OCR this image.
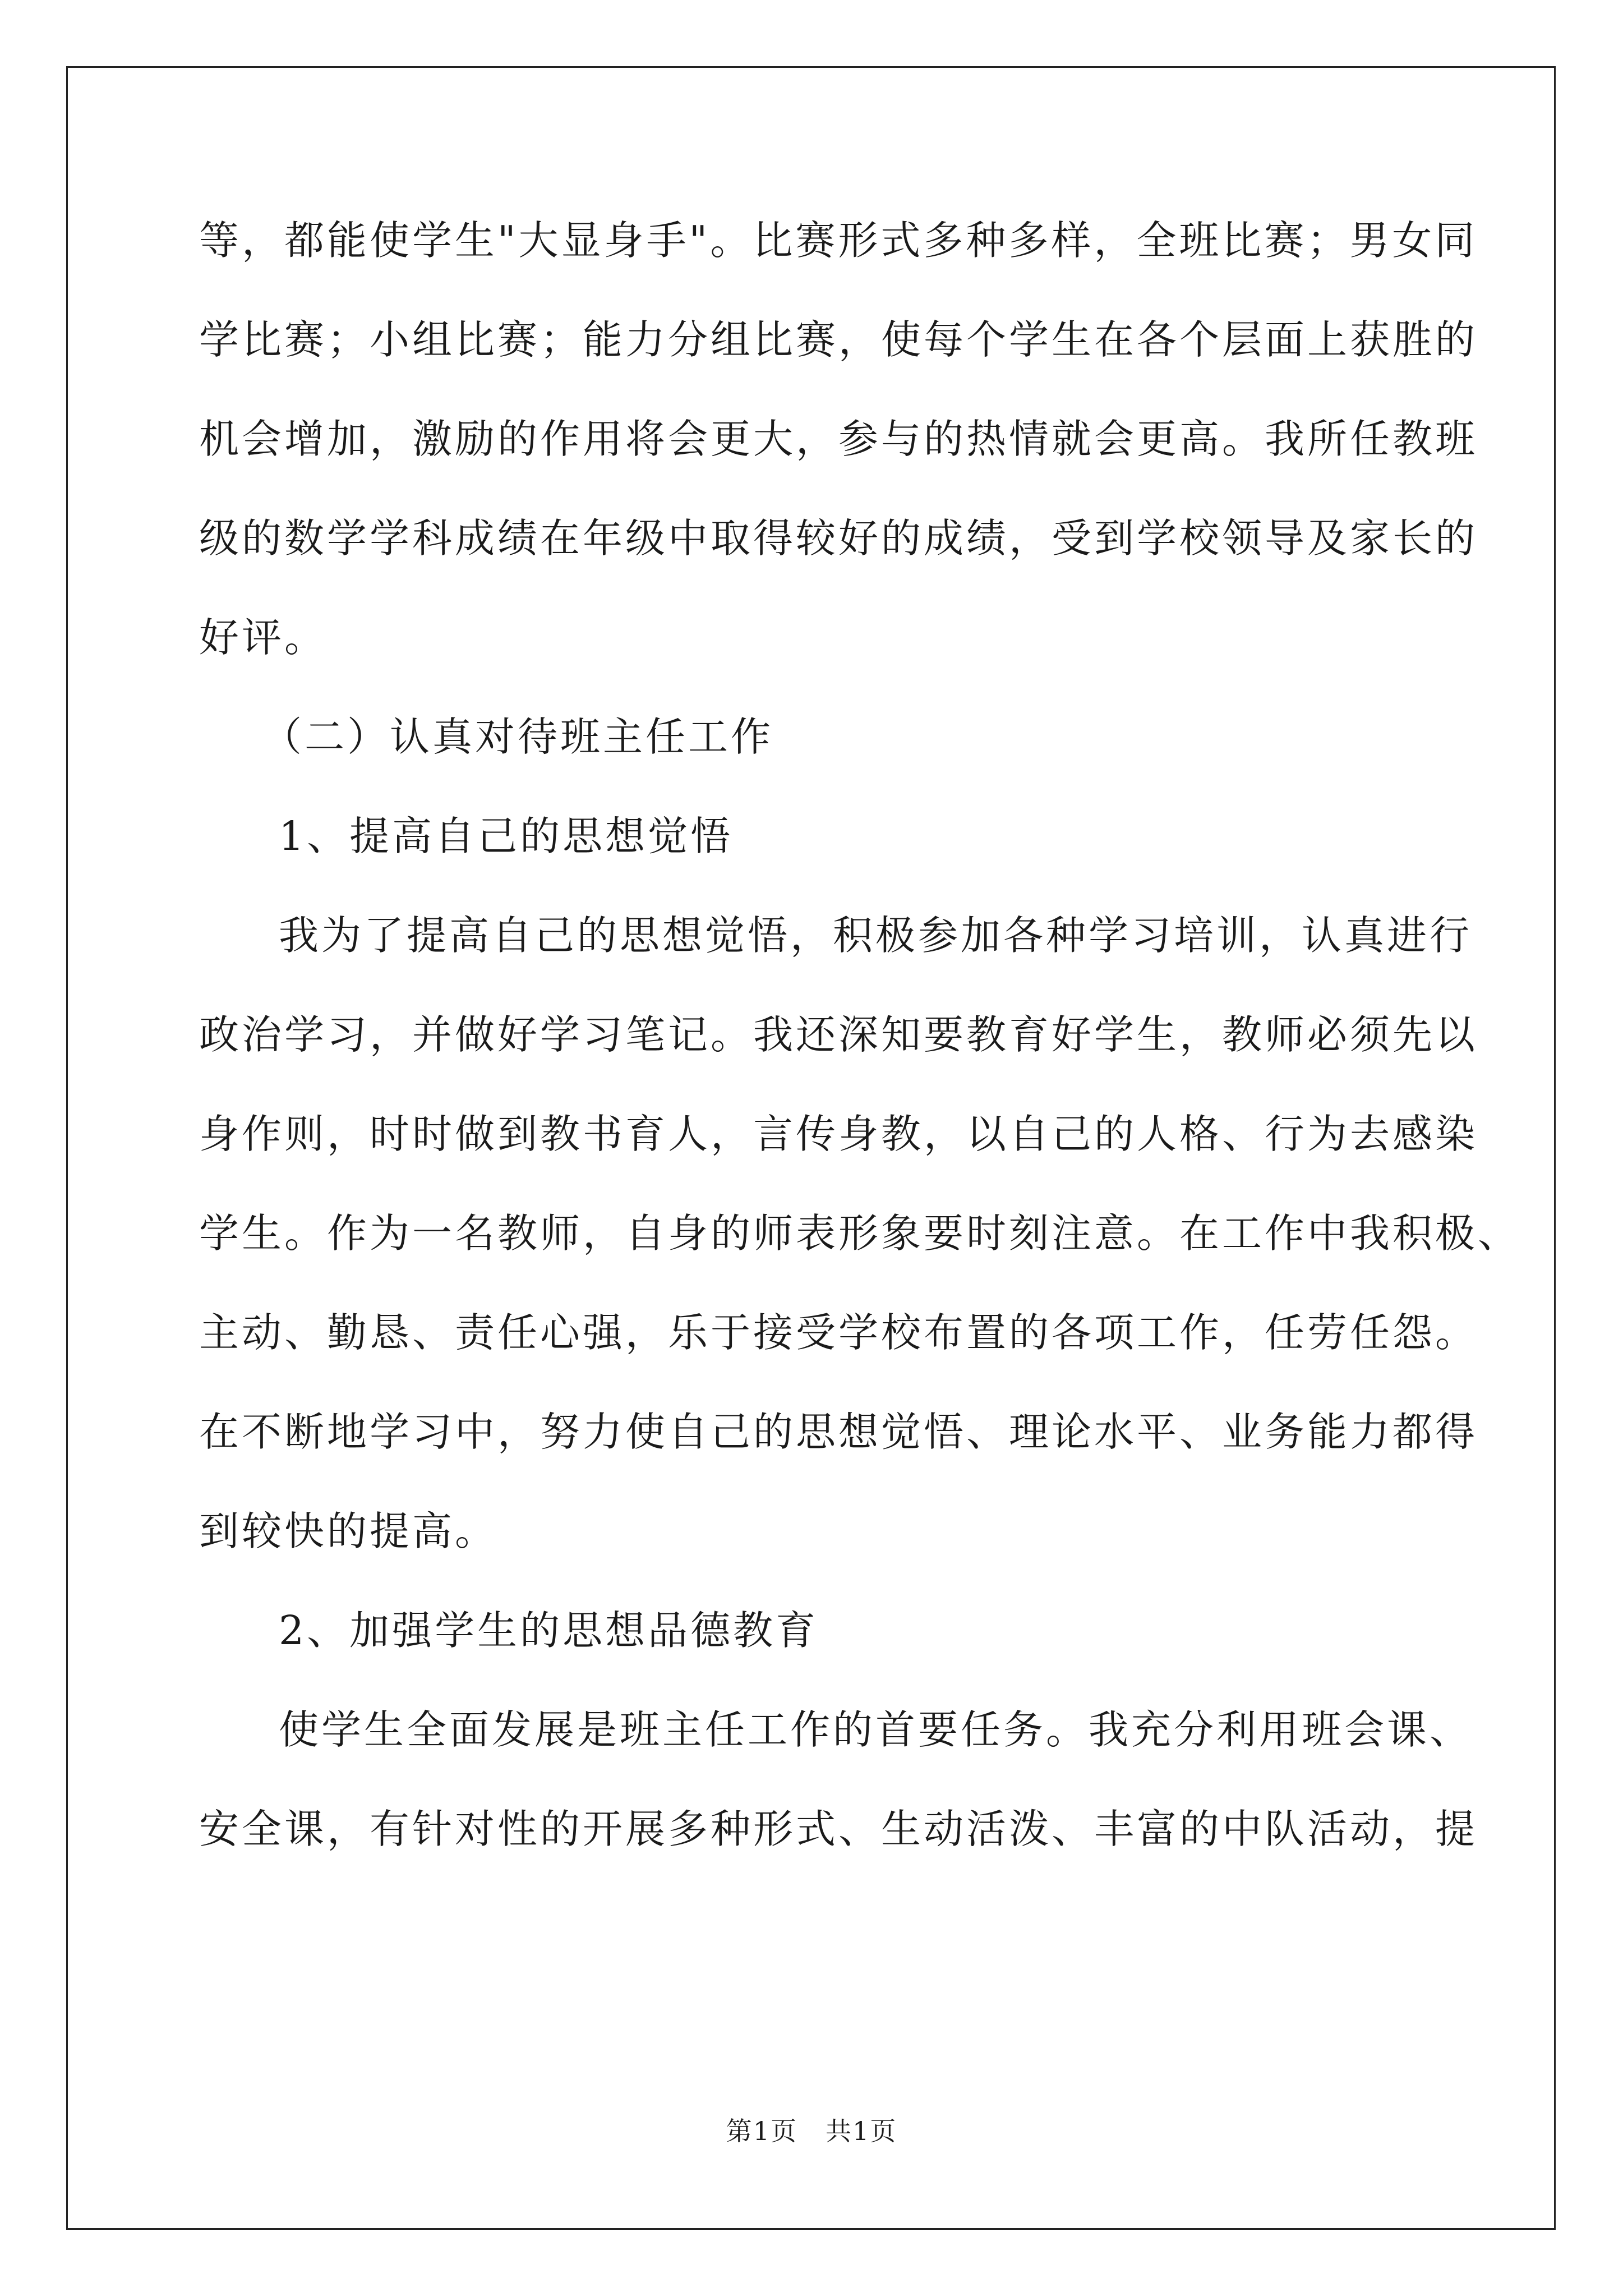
等，都能使学生"大显身手"。比赛形式多种多样，全班比赛；男女同
学比赛；小组比赛；能力分组比赛，使每个学生在各个层面上获胜的
机会增加，激励的作用将会更大，参与的热情就会更高。我所任教班
级的数学学科成绩在年级中取得较好的成绩，受到学校领导及家长的
好评。
（二）认真对待班主任工作
1、提高自己的思想觉悟
我为了提高自己的思想觉悟，积极参加各种学习培训，认真进行
政治学习，并做好学习笔记。我还深知要教育好学生，教师必须先以
身作则，时时做到教书育人，言传身教，以自己的人格、行为去感染
学生。作为一名教师，自身的师表形象要时刻注意。在工作中我积极、
主动、勤恳、责任心强，乐于接受学校布置的各项工作，任劳任怨。
在不断地学习中，努力使自己的思想觉悟、理论水平、业务能力都得
到较快的提高。
2、加强学生的思想品德教育
使学生全面发展是班主任工作的首要任务。我充分利用班会课、
安全课，有针对性的开展多种形式、生动活泼、丰富的中队活动，提
第1页 共1页
